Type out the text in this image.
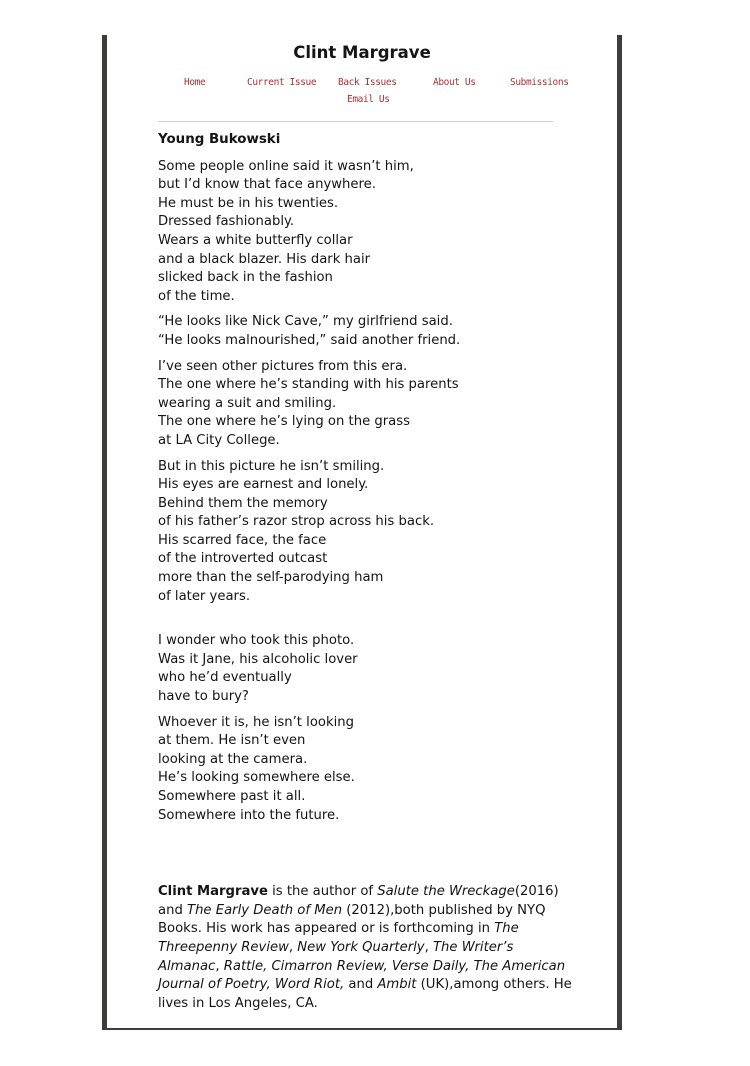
Clint Margrave
Home	Current Issue Back Issues	About Us	Submissions
Email Us
Young Bukowski

Some people online said it wasn’t him,
but I’d know that face anywhere.
He must be in his twenties.
Dressed fashionably.
Wears a white butterfly collar
and a black blazer. His dark hair
slicked back in the fashion
of the time.

“He looks like Nick Cave,” my girlfriend said.
“He looks malnourished,” said another friend.

I’ve seen other pictures from this era.
The one where he’s standing with his parents
wearing a suit and smiling.
The one where he’s lying on the grass
at LA City College.

But in this picture he isn’t smiling.
His eyes are earnest and lonely.
Behind them the memory
of his father’s razor strop across his back.
His scarred face, the face
of the introverted outcast
more than the self-parodying ham
of later years.

I wonder who took this photo.
Was it Jane, his alcoholic lover
who he’d eventually
have to bury?

Whoever it is, he isn’t looking
at them. He isn’t even
looking at the camera.
He’s looking somewhere else.
Somewhere past it all.
Somewhere into the future.

Clint Margrave is the author of Salute the Wreckage(2016) and The Early Death of Men (2012),both published by NYQ Books. His work has appeared or is forthcoming in The Threepenny Review, New York Quarterly, The Writer’s Almanac, Rattle, Cimarron Review, Verse Daily, The American Journal of Poetry, Word Riot, and Ambit (UK),among others. He lives in Los Angeles, CA.
